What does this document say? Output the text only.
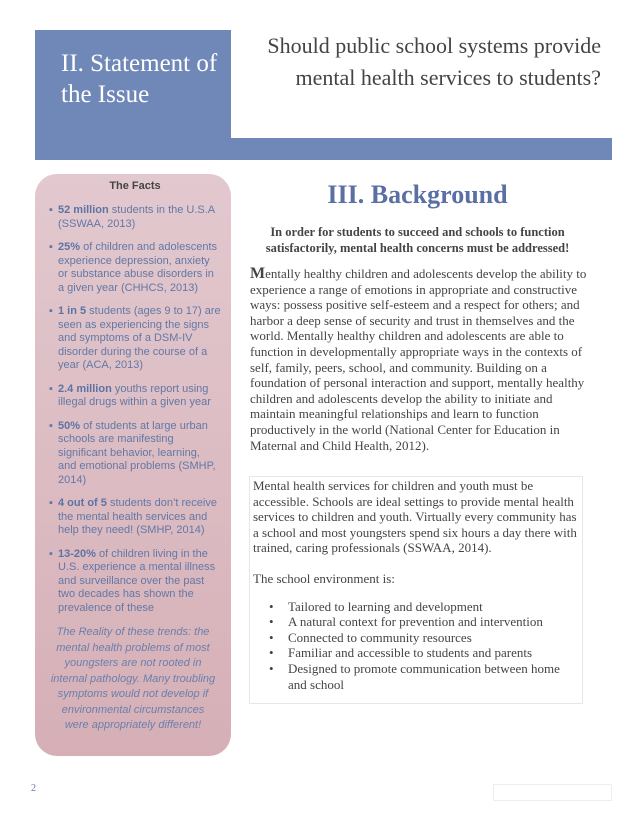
II. Statement of the Issue
Should public school systems provide mental health services to students?
The Facts
▪ 52 million students in the U.S.A (SSWAA, 2013)
▪ 25% of children and adolescents experience depression, anxiety or substance abuse disorders in a given year (CHHCS, 2013)
▪ 1 in 5 students (ages 9 to 17) are seen as experiencing the signs and symptoms of a DSM-IV disorder during the course of a year (ACA, 2013)
▪ 2.4 million youths report using illegal drugs within a given year
▪ 50% of students at large urban schools are manifesting significant behavior, learning, and emotional problems (SMHP, 2014)
▪ 4 out of 5 students don’t receive the mental health services and help they need! (SMHP, 2014)
▪ 13-20% of children living in the U.S. experience a mental illness and surveillance over the past two decades has shown the prevalence of these
The Reality of these trends: the mental health problems of most youngsters are not rooted in internal pathology. Many troubling symptoms would not develop if environmental circumstances were appropriately different!
III. Background
In order for students to succeed and schools to function satisfactorily, mental health concerns must be addressed!
Mentally healthy children and adolescents develop the ability to experience a range of emotions in appropriate and constructive ways: possess positive self-esteem and a respect for others; and harbor a deep sense of security and trust in themselves and the world. Mentally healthy children and adolescents are able to function in developmentally appropriate ways in the contexts of self, family, peers, school, and community. Building on a foundation of personal interaction and support, mentally healthy children and adolescents develop the ability to initiate and maintain meaningful relationships and learn to function productively in the world (National Center for Education in Maternal and Child Health, 2012).

Mental health services for children and youth must be accessible. Schools are ideal settings to provide mental health services to children and youth. Virtually every community has a school and most youngsters spend six hours a day there with trained, caring professionals (SSWAA, 2014).

The school environment is:

• Tailored to learning and development
• A natural context for prevention and intervention
• Connected to community resources
• Familiar and accessible to students and parents
• Designed to promote communication between home and school
2
